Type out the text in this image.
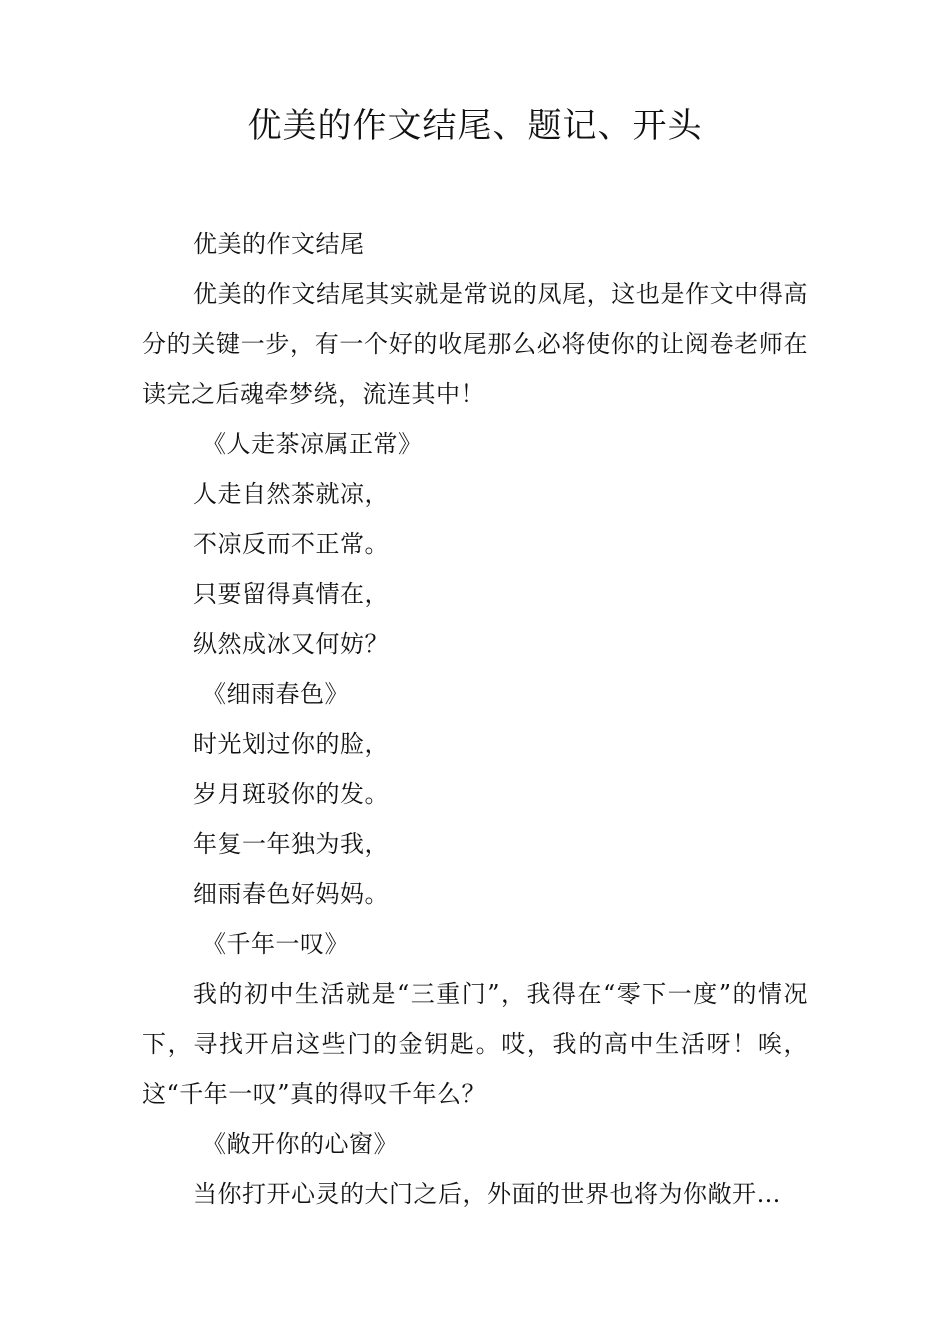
优美的作文结尾、题记、开头

优美的作文结尾

优美的作文结尾其实就是常说的凤尾，这也是作文中得高分的关键一步，有一个好的收尾那么必将使你的让阅卷老师在读完之后魂牵梦绕，流连其中！

《人走茶凉属正常》

人走自然茶就凉，

不凉反而不正常。

只要留得真情在，

纵然成冰又何妨？

《细雨春色》

时光划过你的脸，

岁月斑驳你的发。

年复一年独为我，

细雨春色好妈妈。

《千年一叹》

我的初中生活就是“三重门”，我得在“零下一度”的情况下，寻找开启这些门的金钥匙。哎，我的高中生活呀！唉，这“千年一叹”真的得叹千年么？

《敞开你的心窗》

当你打开心灵的大门之后，外面的世界也将为你敞开…
